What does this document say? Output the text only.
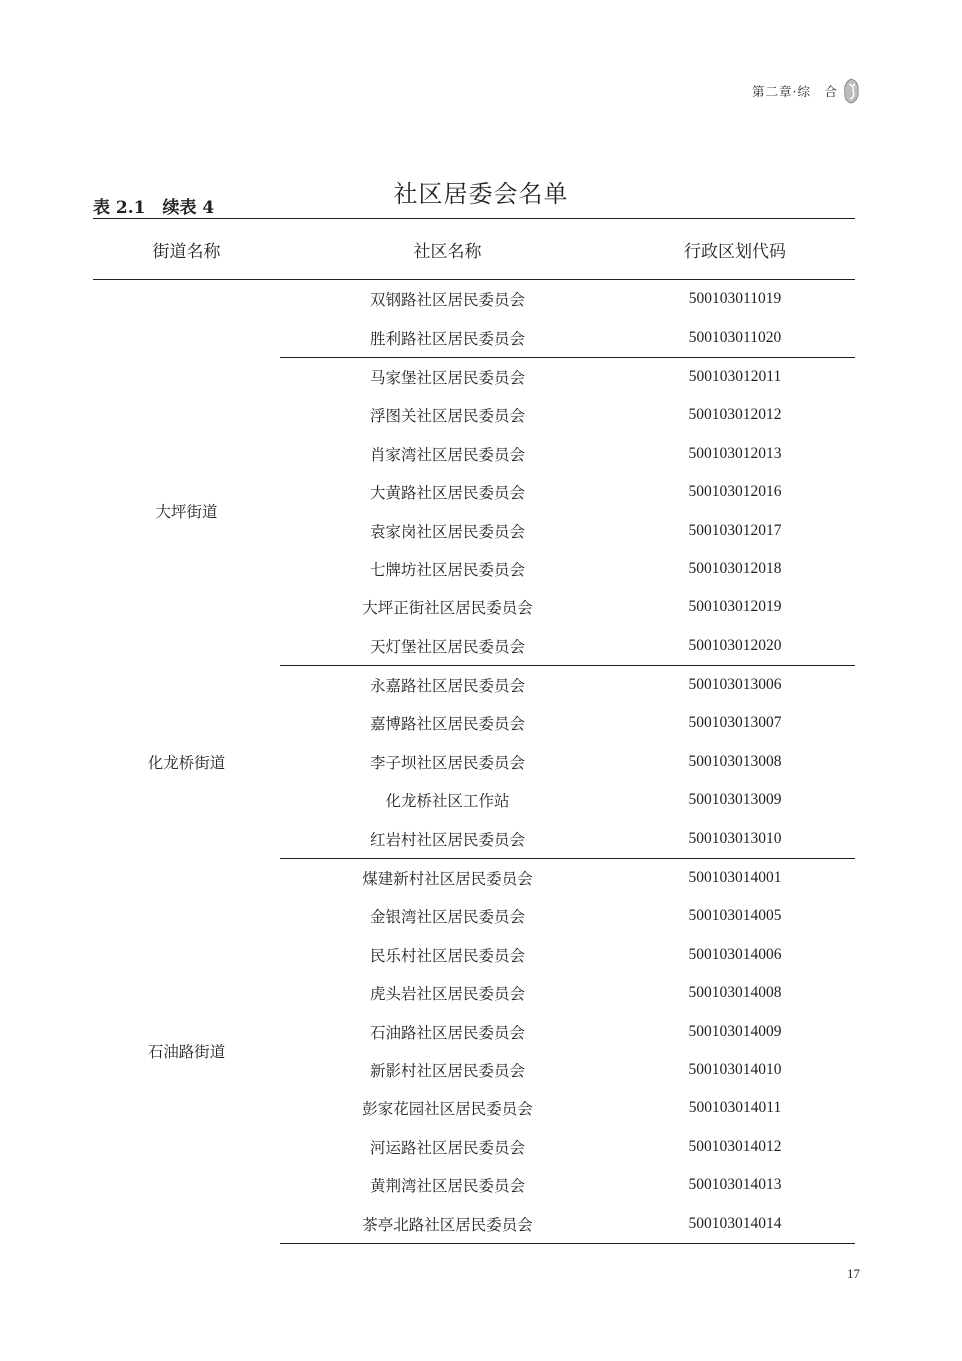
第二章·综　合
社区居委会名单
表 2.1　续表 4
街道名称	社区名称	行政区划代码
	双钢路社区居民委员会	500103011019
	胜利路社区居民委员会	500103011020
大坪街道	马家堡社区居民委员会	500103012011
	浮图关社区居民委员会	500103012012
	肖家湾社区居民委员会	500103012013
	大黄路社区居民委员会	500103012016
	袁家岗社区居民委员会	500103012017
	七牌坊社区居民委员会	500103012018
	大坪正街社区居民委员会	500103012019
	天灯堡社区居民委员会	500103012020
化龙桥街道	永嘉路社区居民委员会	500103013006
	嘉博路社区居民委员会	500103013007
	李子坝社区居民委员会	500103013008
	化龙桥社区工作站	500103013009
	红岩村社区居民委员会	500103013010
石油路街道	煤建新村社区居民委员会	500103014001
	金银湾社区居民委员会	500103014005
	民乐村社区居民委员会	500103014006
	虎头岩社区居民委员会	500103014008
	石油路社区居民委员会	500103014009
	新影村社区居民委员会	500103014010
	彭家花园社区居民委员会	500103014011
	河运路社区居民委员会	500103014012
	黄荆湾社区居民委员会	500103014013
	茶亭北路社区居民委员会	500103014014
17
